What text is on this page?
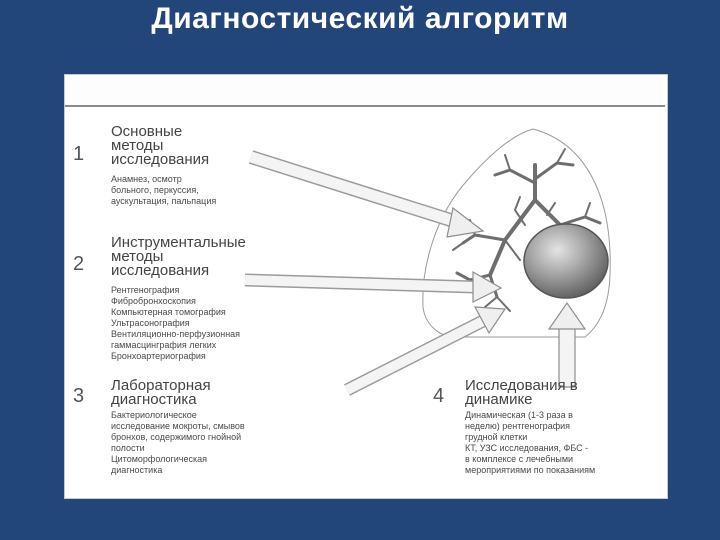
Диагностический алгоритм
1
Основные
методы
исследования
Анамнез, осмотр
больного, перкуссия,
аускультация, пальпация
2
Инструментальные
методы
исследования
Рентгенография
Фибробронхоскопия
Компьютерная томография
Ультрасонография
Вентиляционно-перфузионная
гаммасцинграфия легких
Бронхоартериография
3 Лабораторная
диагностика
Бактериологическое
исследование мокроты, смывов
бронхов, содержимого гнойной
полости
Цитоморфологическая
диагностика
4 Исследования в
динамике
Динамическая (1-3 раза в
неделю) рентгенография
грудной клетки
КТ, УЗС исследования, ФБС -
в комплексе с лечебными
мероприятиями по показаниям
